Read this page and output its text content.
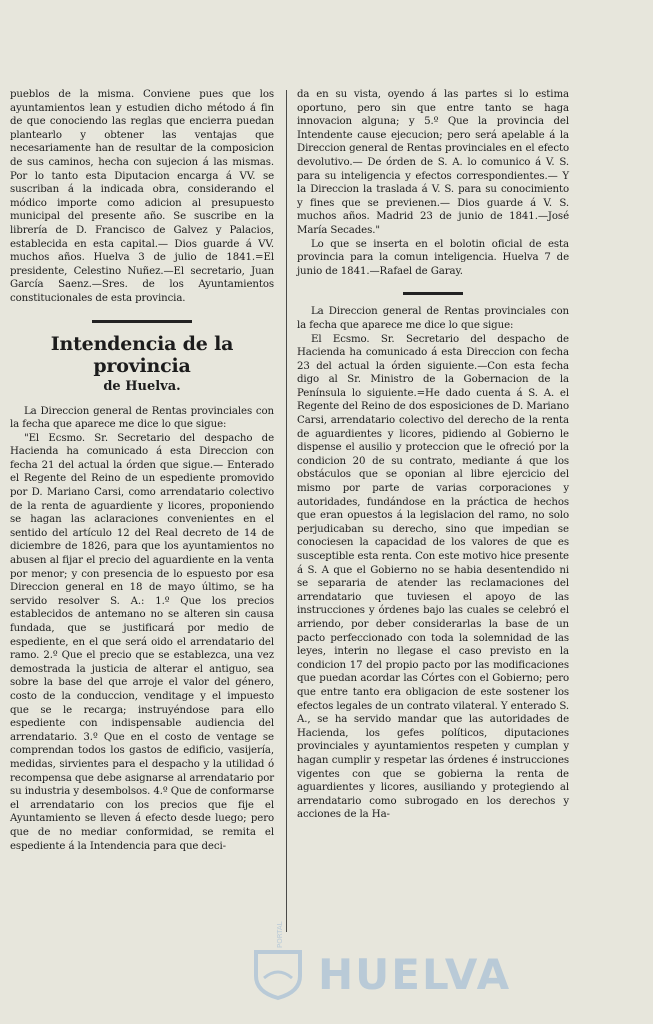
pueblos de la misma. Conviene pues que los ayuntamientos lean y estudien dicho método á fin de que conociendo las reglas que encierra puedan plantearlo y obtener las ventajas que necesariamente han de resultar de la composicion de sus caminos, hecha con sujecion á las mismas. Por lo tanto esta Diputacion encarga á VV. se suscriban á la indicada obra, considerando el módico importe como adicion al presupuesto municipal del presente año. Se suscribe en la librería de D. Francisco de Galvez y Palacios, establecida en esta capital.— Dios guarde á VV. muchos años. Huelva 3 de julio de 1841.=El presidente, Celestino Nuñez.—El secretario, Juan García Saenz.—Sres. de los Ayuntamientos constitucionales de esta provincia.

Intendencia de la provincia
de Huelva.

La Direccion general de Rentas provinciales con la fecha que aparece me dice lo que sigue:

"El Ecsmo. Sr. Secretario del despacho de Hacienda ha comunicado á esta Direccion con fecha 21 del actual la órden que sigue.— Enterado el Regente del Reino de un espediente promovido por D. Mariano Carsi, como arrendatario colectivo de la renta de aguardiente y licores, proponiendo se hagan las aclaraciones convenientes en el sentido del artículo 12 del Real decreto de 14 de diciembre de 1826, para que los ayuntamientos no abusen al fijar el precio del aguardiente en la venta por menor; y con presencia de lo espuesto por esa Direccion general en 18 de mayo último, se ha servido resolver S. A.: 1.º Que los precios establecidos de antemano no se alteren sin causa fundada, que se justificará por medio de espediente, en el que será oido el arrendatario del ramo. 2.º Que el precio que se establezca, una vez demostrada la justicia de alterar el antiguo, sea sobre la base del que arroje el valor del género, costo de la conduccion, venditage y el impuesto que se le recarga; instruyéndose para ello espediente con indispensable audiencia del arrendatario. 3.º Que en el costo de ventage se comprendan todos los gastos de edificio, vasijería, medidas, sirvientes para el despacho y la utilidad ó recompensa que debe asignarse al arrendatario por su industria y desembolsos. 4.º Que de conformarse el arrendatario con los precios que fije el Ayuntamiento se lleven á efecto desde luego; pero que de no mediar conformidad, se remita el espediente á la Intendencia para que deci-

da en su vista, oyendo á las partes si lo estima oportuno, pero sin que entre tanto se haga innovacion alguna; y 5.º Que la provincia del Intendente cause ejecucion; pero será apelable á la Direccion general de Rentas provinciales en el efecto devolutivo.— De órden de S. A. lo comunico á V. S. para su inteligencia y efectos correspondientes.— Y la Direccion la traslada á V. S. para su conocimiento y fines que se previenen.— Dios guarde á V. S. muchos años. Madrid 23 de junio de 1841.—José María Secades."

Lo que se inserta en el bolotin oficial de esta provincia para la comun inteligencia. Huelva 7 de junio de 1841.—Rafael de Garay.

La Direccion general de Rentas provinciales con la fecha que aparece me dice lo que sigue:

El Ecsmo. Sr. Secretario del despacho de Hacienda ha comunicado á esta Direccion con fecha 23 del actual la órden siguiente.—Con esta fecha digo al Sr. Ministro de la Gobernacion de la Península lo siguiente.=He dado cuenta á S. A. el Regente del Reino de dos esposiciones de D. Mariano Carsi, arrendatario colectivo del derecho de la renta de aguardientes y licores, pidiendo al Gobierno le dispense el ausilio y proteccion que le ofreció por la condicion 20 de su contrato, mediante á que los obstáculos que se oponian al libre ejercicio del mismo por parte de varias corporaciones y autoridades, fundándose en la práctica de hechos que eran opuestos á la legislacion del ramo, no solo perjudicaban su derecho, sino que impedian se conociesen la capacidad de los valores de que es susceptible esta renta. Con este motivo hice presente á S. A que el Gobierno no se habia desentendido ni se separaria de atender las reclamaciones del arrendatario que tuviesen el apoyo de las instrucciones y órdenes bajo las cuales se celebró el arriendo, por deber considerarlas la base de un pacto perfeccionado con toda la solemnidad de las leyes, interin no llegase el caso previsto en la condicion 17 del propio pacto por las modificaciones que puedan acordar las Córtes con el Gobierno; pero que entre tanto era obligacion de este sostener los efectos legales de un contrato vilateral. Y enterado S. A., se ha servido mandar que las autoridades de Hacienda, los gefes políticos, diputaciones provinciales y ayuntamientos respeten y cumplan y hagan cumplir y respetar las órdenes é instrucciones vigentes con que se gobierna la renta de aguardientes y licores, ausiliando y protegiendo al arrendatario como subrogado en los derechos y acciones de la Ha-

PORTAL
HUELVA
